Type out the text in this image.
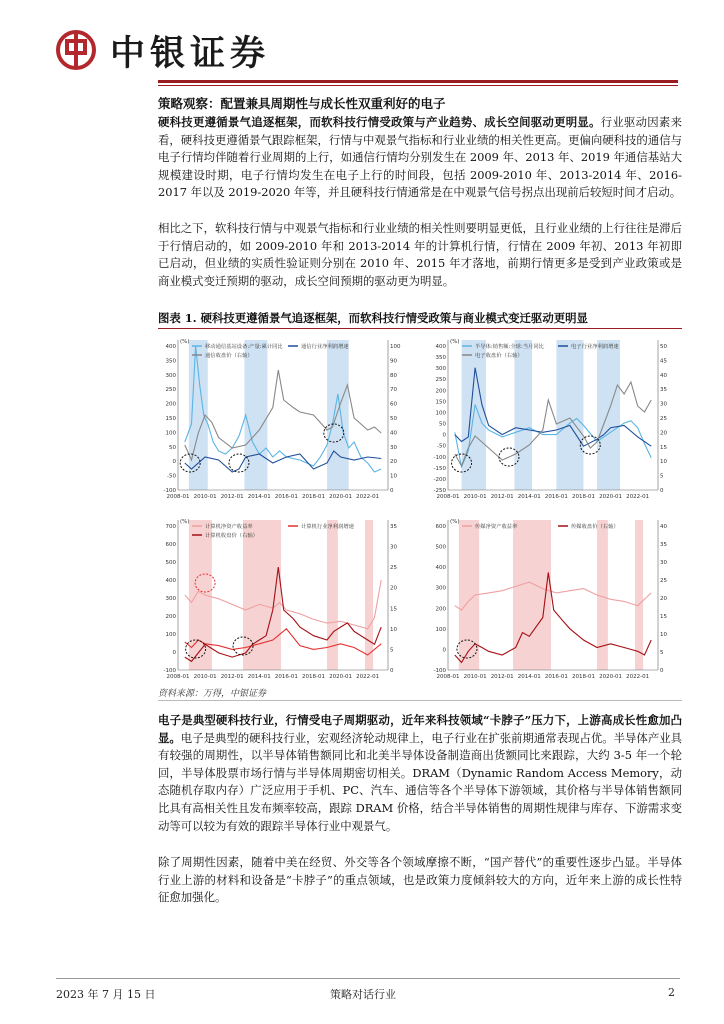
中银证券
策略观察：配置兼具周期性与成长性双重利好的电子
硬科技更遵循景气追逐框架，而软科技行情受政策与产业趋势、成长空间驱动更明显。行业驱动因素来看，硬科技更遵循景气跟踪框架，行情与中观景气指标和行业业绩的相关性更高。更偏向硬科技的通信与电子行情均伴随着行业周期的上行，如通信行情均分别发生在 2009 年、2013 年、2019 年通信基站大规模建设时期，电子行情均发生在电子上行的时间段，包括 2009-2010 年、2013-2014 年、2016-2017 年以及 2019-2020 年等，并且硬科技行情通常是在中观景气信号拐点出现前后较短时间才启动。
相比之下，软科技行情与中观景气指标和行业业绩的相关性则要明显更低，且行业业绩的上行往往是滞后于行情启动的，如 2009-2010 年和 2013-2014 年的计算机行情，行情在 2009 年初、2013 年初即已启动，但业绩的实质性验证则分别在 2010 年、2015 年才落地，前期行情更多是受到产业政策或是商业模式变迁预期的驱动，成长空间预期的驱动更为明显。
图表 1. 硬科技更遵循景气追逐框架，而软科技行情受政策与商业模式变迁驱动更明显
(%)
400
350
300
250
200
150
100
50
0
-50
-100
100
90
80
70
60
50
40
30
20
10
0
2008-01 2010-01 2012-01 2014-01 2016-01 2018-01 2020-01 2022-01
移动通信基站设备:产量:累计同比	通信行业净利润增速
通信收盘价（右轴）
(%)
400
350
300
250
200
150
100
50
0
-50
-100
-150
-200
-250
50
45
40
35
30
25
20
15
10
5
0
2008-01 2010-01 2012-01 2014-01 2016-01 2018-01 2020-01 2022-01
半导体:销售额:全球:当月同比	电子行业净利润增速
电子收盘价（右轴）
(%)
700
600
500
400
300
200
100
0
-100
35
30
25
20
15
10
5
0
2008-01 2010-01 2012-01 2014-01 2016-01 2018-01 2020-01 2022-01
计算机净资产收益率	计算机行业净利润增速
计算机收盘价（右轴）
(%)
600
500
400
300
200
100
0
-100
40
35
30
25
20
15
10
5
0
2008-01 2010-01 2012-01 2014-01 2016-01 2018-01 2020-01 2022-01
传媒净资产收益率	传媒收盘价（右轴）
资料来源：万得，中银证券
电子是典型硬科技行业，行情受电子周期驱动，近年来科技领域“卡脖子”压力下，上游高成长性愈加凸显。电子是典型的硬科技行业，宏观经济轮动规律上，电子行业在扩张前期通常表现占优。半导体产业具有较强的周期性，以半导体销售额同比和北美半导体设备制造商出货额同比来跟踪，大约 3-5 年一个轮回，半导体股票市场行情与半导体周期密切相关。DRAM（Dynamic Random Access Memory，动态随机存取内存）广泛应用于手机、PC、汽车、通信等各个半导体下游领域，其价格与半导体销售额同比具有高相关性且发布频率较高，跟踪 DRAM 价格，结合半导体销售的周期性规律与库存、下游需求变动等可以较为有效的跟踪半导体行业中观景气。
除了周期性因素，随着中美在经贸、外交等各个领域摩擦不断，“国产替代”的重要性逐步凸显。半导体行业上游的材料和设备是“卡脖子”的重点领域，也是政策力度倾斜较大的方向，近年来上游的成长性特征愈加强化。
2023 年 7 月 15 日	策略对话行业	2
